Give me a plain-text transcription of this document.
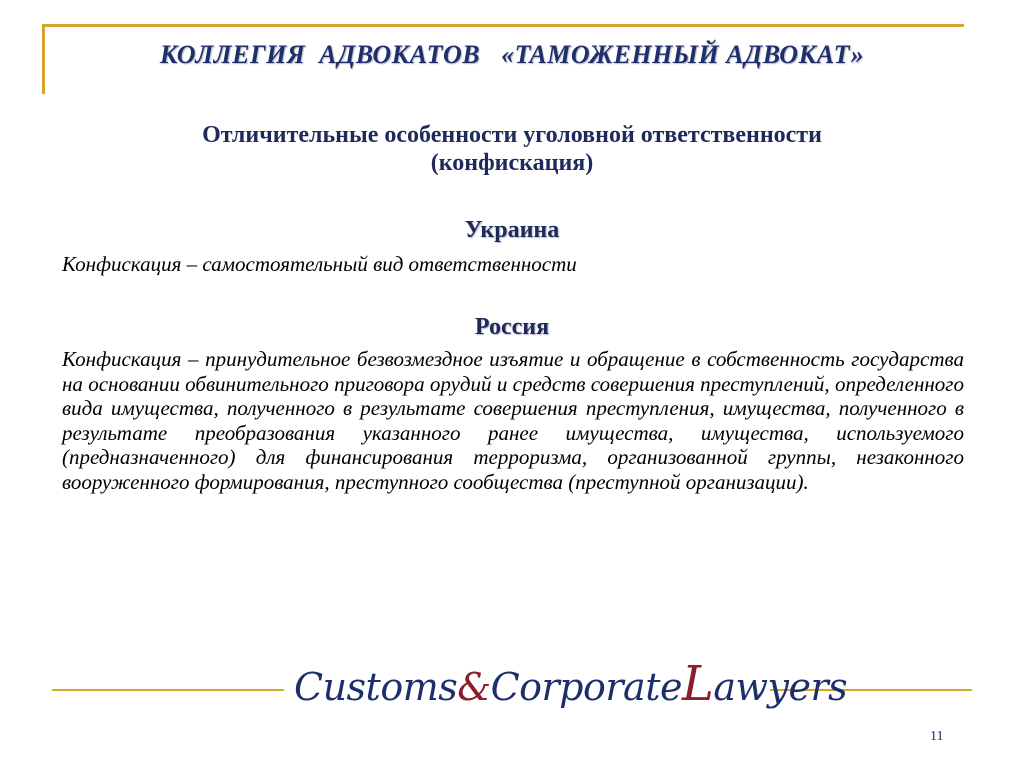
КОЛЛЕГИЯ  АДВОКАТОВ   «ТАМОЖЕННЫЙ АДВОКАТ»
Отличительные особенности уголовной ответственности
(конфискация)
Украина
Конфискация – самостоятельный вид ответственности
Россия
Конфискация – принудительное безвозмездное изъятие и обращение в собственность государства на основании обвинительного приговора орудий и средств совершения преступлений, определенного вида имущества, полученного в результате совершения преступления, имущества, полученного в результате преобразования указанного ранее имущества, имущества, используемого (предназначенного) для финансирования терроризма, организованной группы, незаконного вооруженного формирования, преступного сообщества (преступной организации).
Customs&CorporateLawyers
11
